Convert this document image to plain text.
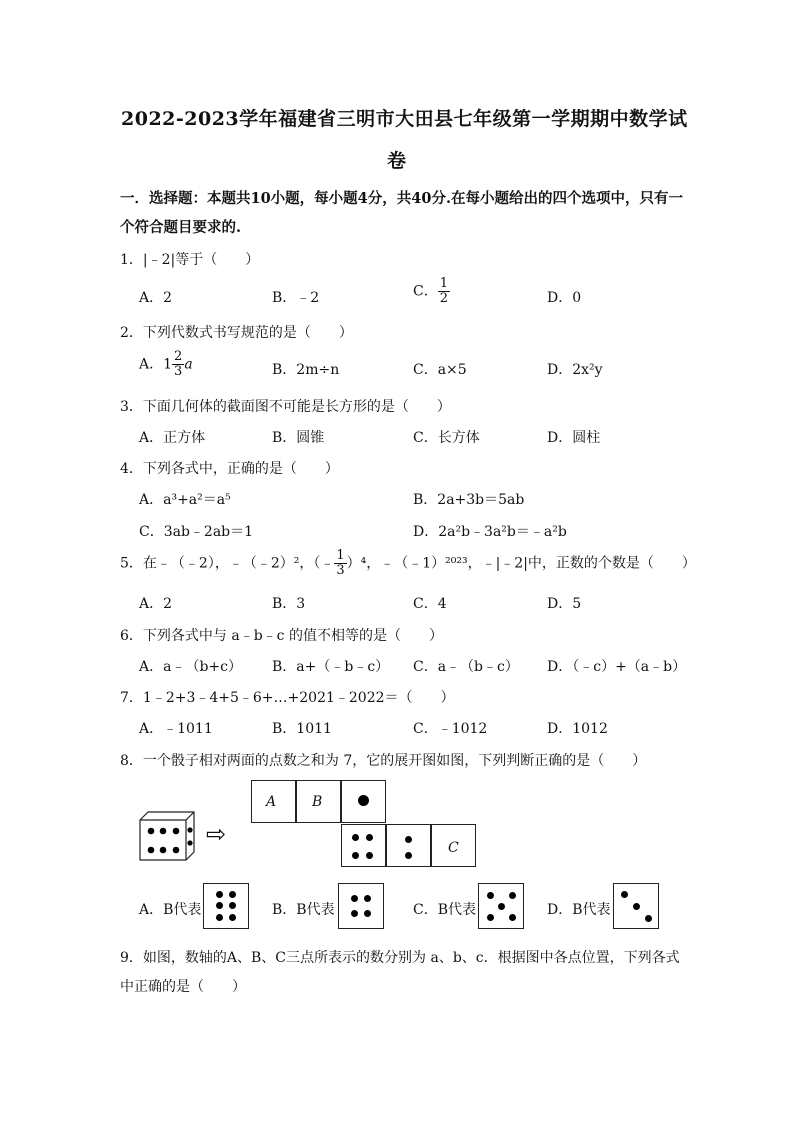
2022-2023学年福建省三明市大田县七年级第一学期期中数学试
卷
一．选择题：本题共10小题，每小题4分，共40分.在每小题给出的四个选项中，只有一
个符合题目要求的.
1．|﹣2|等于（　　）
A．2	B．﹣2	C． $\frac{1}{2}$	D．0
2．下列代数式书写规范的是（　　）
A．$1 \frac{2}{3}$ a	B．2m÷n	C．a×5	D．2x²y
3．下面几何体的截面图不可能是长方形的是（　　）
A．正方体	B．圆锥	C．长方体	D．圆柱
4．下列各式中，正确的是（　　）
A．a³+a²＝a⁵	B．2a+3b＝5ab
C．3ab﹣2ab＝1	D．2a²b﹣3a²b＝﹣a²b
5．在﹣（﹣2），﹣（﹣2）²，（﹣ $\frac{1}{3} )^4$，﹣（﹣1）²⁰²³，﹣|﹣2|中，正数的个数是（　　）
A．2	B．3	C．4	D．5
6．下列各式中与 a﹣b﹣c 的值不相等的是（　　）
A．a﹣（b+c） B．a+（﹣b﹣c） C．a﹣（b﹣c） D．（﹣c）+（a﹣b）
7．1﹣2+3﹣4+5﹣6+…+2021﹣2022＝（　　）
A．﹣1011	B．1011	C．﹣1012	D．1012
8．一个骰子相对两面的点数之和为 7，它的展开图如图，下列判断正确的是（　　）
⇨
A	B
C
A．B代表	B．B代表	C．B代表	D．B代表
9．如图，数轴的A、B、C三点所表示的数分别为 a、b、c．根据图中各点位置，下列各式
中正确的是（　　）
